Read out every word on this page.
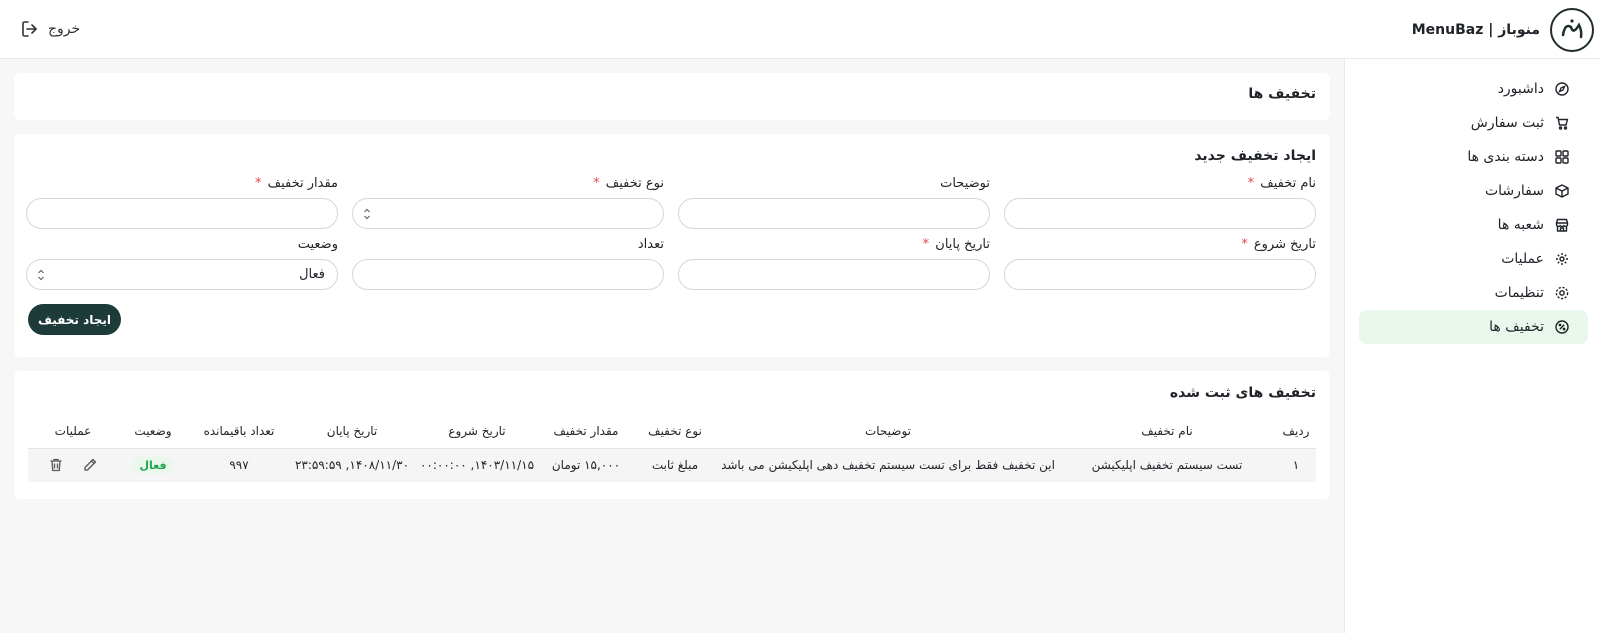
منوباز | MenuBaz
خروج
داشبورد
ثبت سفارش
دسته بندی ها
سفارشات
شعبه ها
عملیات
تنظیمات
تخفیف ها
تخفیف ها
ایجاد تخفیف جدید
نام تخفیف *
توضیحات
نوع تخفیف *
مقدار تخفیف *
تاریخ شروع *
تاریخ پایان *
تعداد
وضعیت
فعال
ایجاد تخفیف
تخفیف های ثبت شده
ردیف	نام تخفیف	توضیحات	نوع تخفیف	مقدار تخفیف	تاریخ شروع	تاریخ پایان	تعداد باقیمانده	وضعیت	عملیات
۱	تست سیستم تخفیف اپلیکیشن	این تخفیف فقط برای تست سیستم تخفیف دهی اپلیکیشن می باشد	مبلغ ثابت	۱۵,۰۰۰ تومان	۱۴۰۳/۱۱/۱۵, ۰۰:۰۰:۰۰	۱۴۰۸/۱۱/۳۰, ۲۳:۵۹:۵۹	۹۹۷	فعال	
